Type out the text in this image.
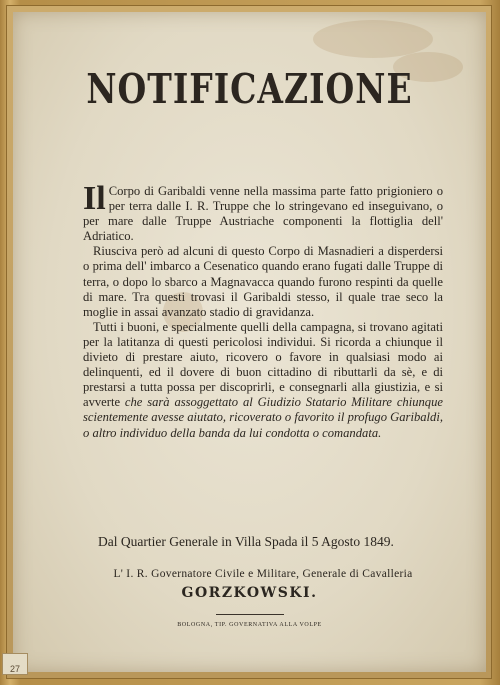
NOTIFICAZIONE

Il Corpo di Garibaldi venne nella massima parte fatto prigioniero o per terra dalle I. R. Truppe che lo stringevano ed inseguivano, o per mare dalle Truppe Austriache componenti la flottiglia dell' Adriatico.

Riusciva però ad alcuni di questo Corpo di Masnadieri a disperdersi o prima dell' imbarco a Cesenatico quando erano fugati dalle Truppe di terra, o dopo lo sbarco a Magnavacca quando furono respinti da quelle di mare. Tra questi trovasi il Garibaldi stesso, il quale trae seco la moglie in assai avanzato stadio di gravidanza.

Tutti i buoni, e specialmente quelli della campagna, si trovano agitati per la latitanza di questi pericolosi individui. Si ricorda a chiunque il divieto di prestare aiuto, ricovero o favore in qualsiasi modo ai delinquenti, ed il dovere di buon cittadino di ributtarli da sè, e di prestarsi a tutta possa per discoprirli, e consegnarli alla giustizia, e si avverte che sarà assoggettato al Giudizio Statario Militare chiunque scientemente avesse aiutato, ricoverato o favorito il profugo Garibaldi, o altro individuo della banda da lui condotta o comandata.

Dal Quartier Generale in Villa Spada il 5 Agosto 1849.
L' I. R. Governatore Civile e Militare, Generale di Cavalleria
GORZKOWSKI.
BOLOGNA, TIP. GOVERNATIVA ALLA VOLPE
27
